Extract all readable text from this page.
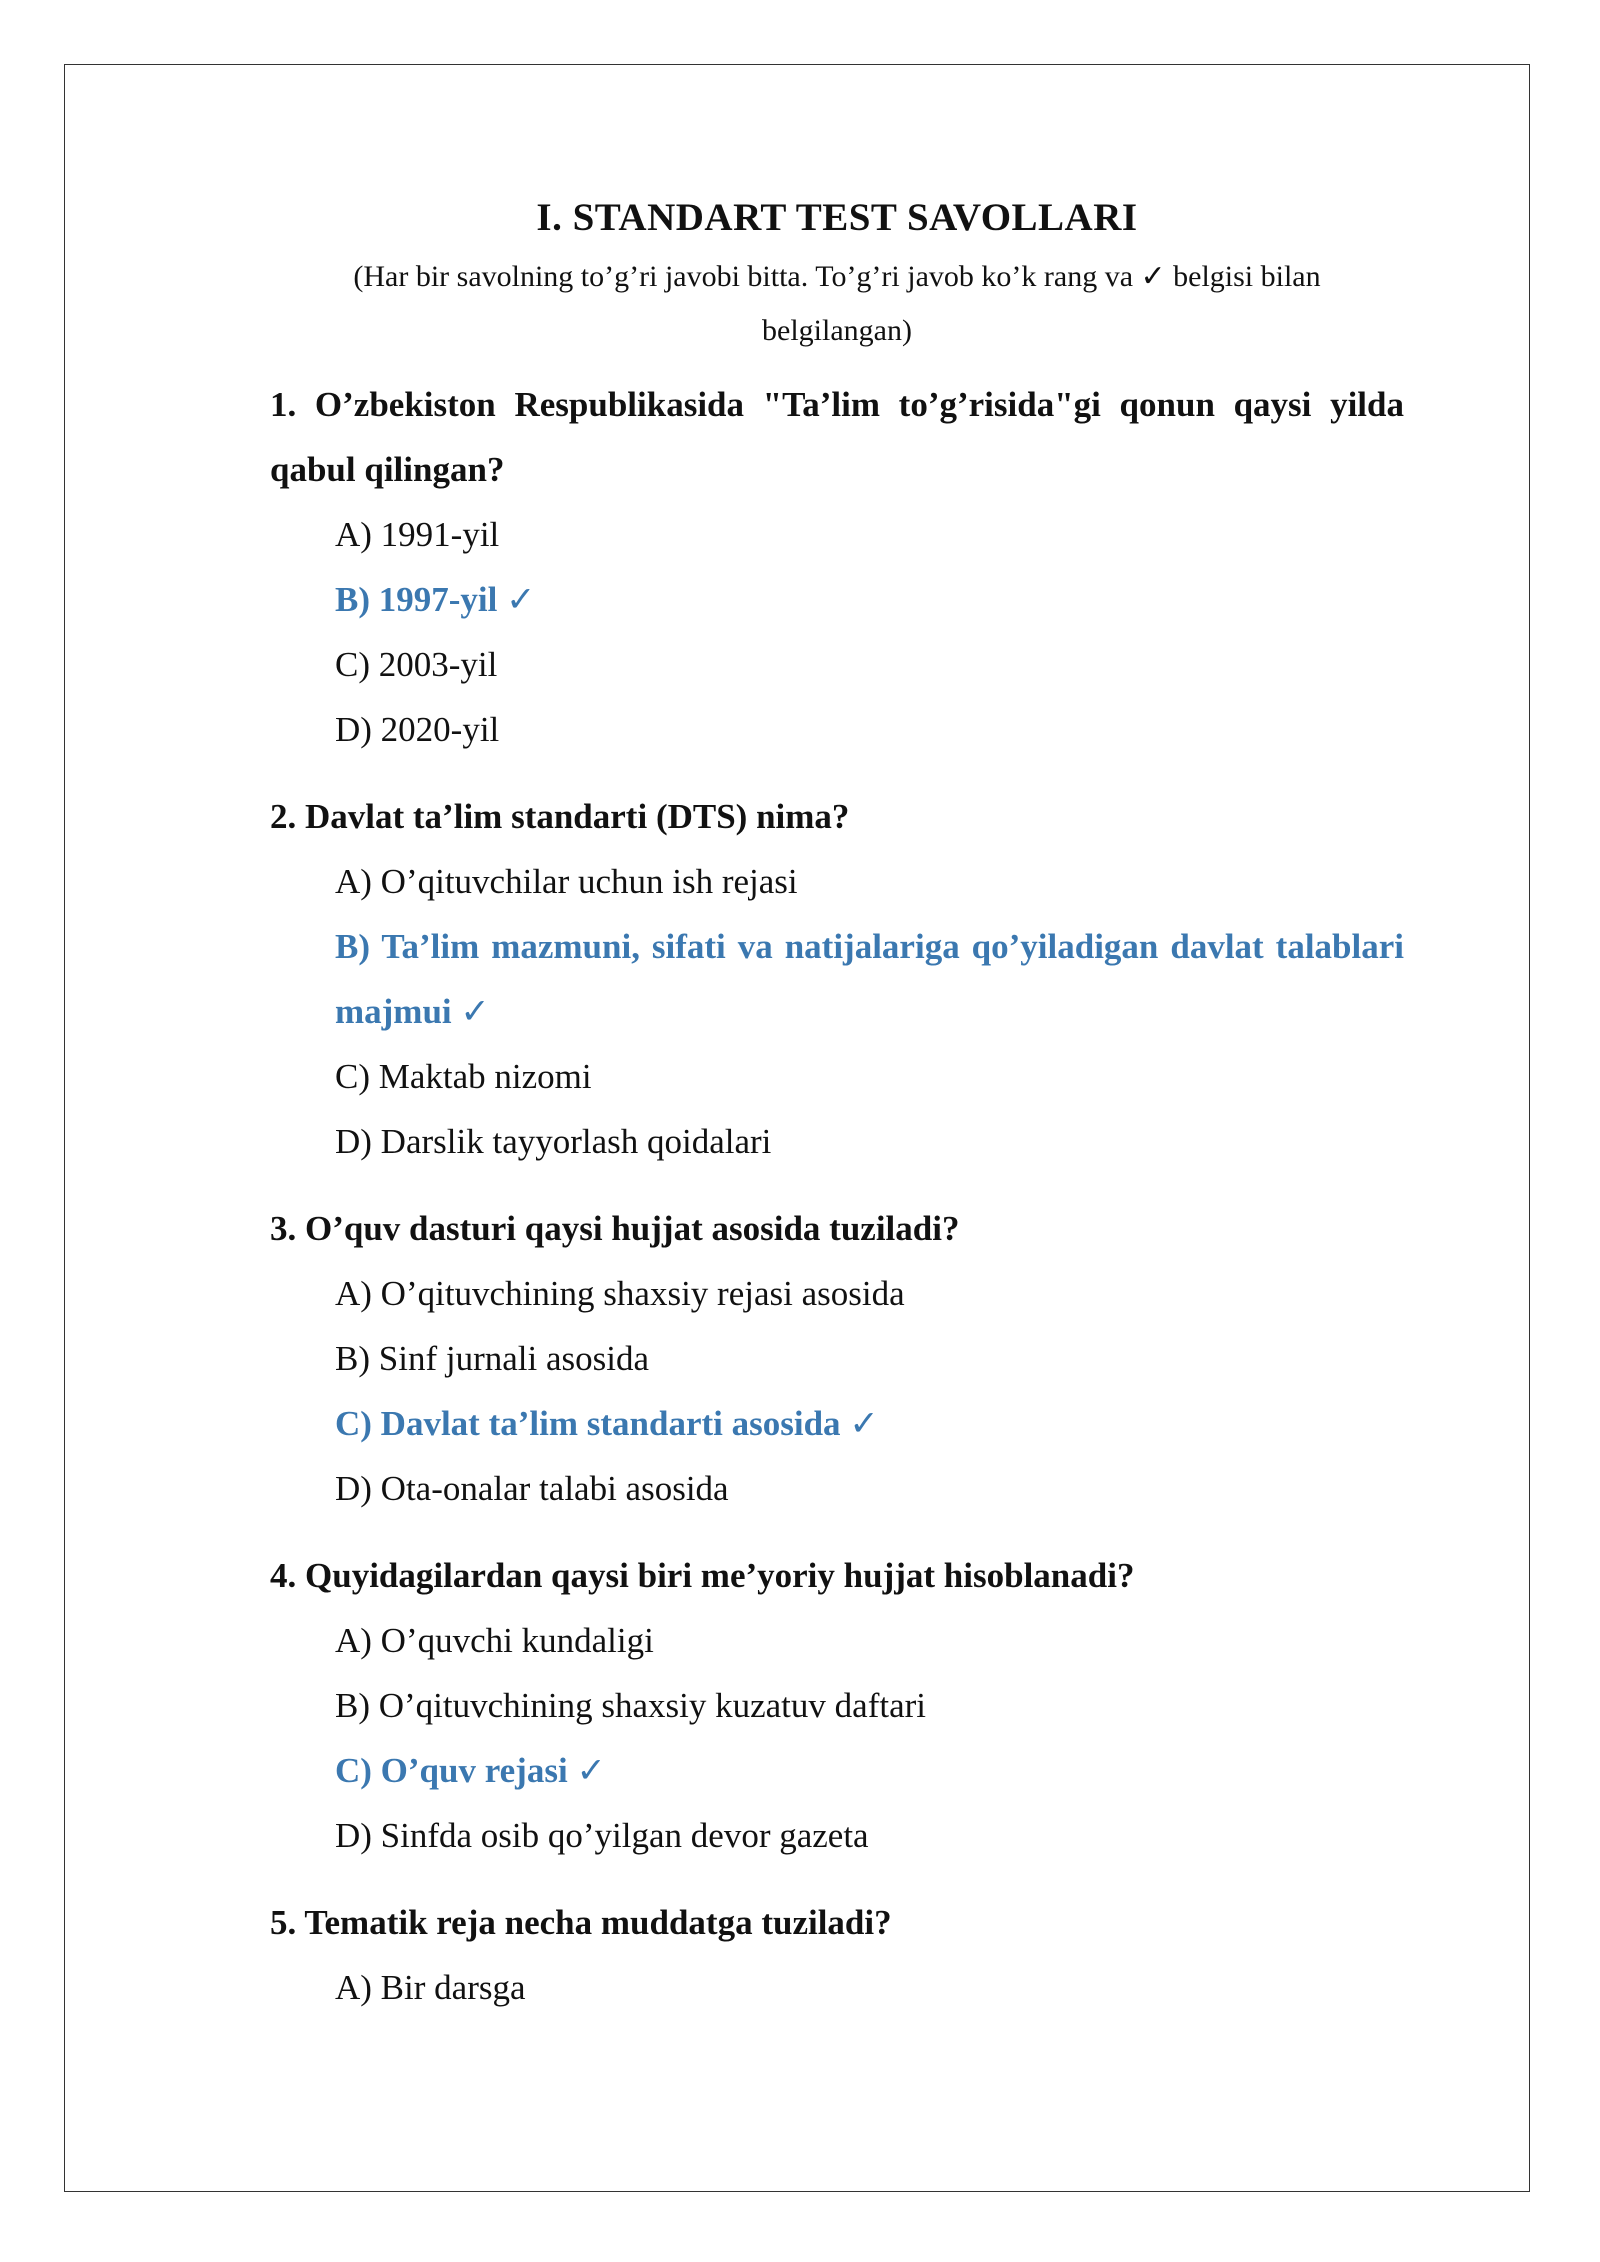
I. STANDART TEST SAVOLLARI

(Har bir savolning to’g’ri javobi bitta. To’g’ri javob ko’k rang va ✓ belgisi bilan belgilangan)

1. O’zbekiston Respublikasida "Ta’lim to’g’risida"gi qonun qaysi yilda qabul qilingan?

A) 1991-yil
B) 1997-yil ✓
C) 2003-yil
D) 2020-yil

2. Davlat ta’lim standarti (DTS) nima?

A) O’qituvchilar uchun ish rejasi
B) Ta’lim mazmuni, sifati va natijalariga qo’yiladigan davlat talablari majmui ✓
C) Maktab nizomi
D) Darslik tayyorlash qoidalari

3. O’quv dasturi qaysi hujjat asosida tuziladi?

A) O’qituvchining shaxsiy rejasi asosida
B) Sinf jurnali asosida
C) Davlat ta’lim standarti asosida ✓
D) Ota-onalar talabi asosida

4. Quyidagilardan qaysi biri me’yoriy hujjat hisoblanadi?

A) O’quvchi kundaligi
B) O’qituvchining shaxsiy kuzatuv daftari
C) O’quv rejasi ✓
D) Sinfda osib qo’yilgan devor gazeta

5. Tematik reja necha muddatga tuziladi?

A) Bir darsga
